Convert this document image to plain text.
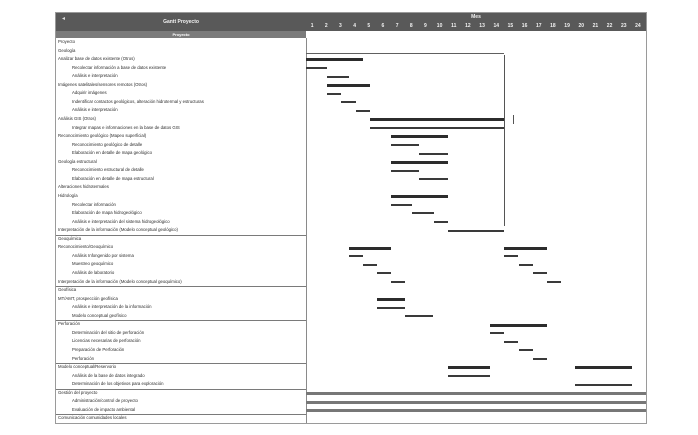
◂	Gantt Proyecto
Mes
1	2	3	4	5	6	7	8	9	10	11	12	13	14	15	16	17	18	19	20	21	22	23	24
Proyecto
Proyecto
Geología
Analizar base de datos existente (Otros)
Recolectar información a base de datos existente
Análisis e interpretación
Imágenes satelitales/sensores remotos (Otros)
Adquirir imágenes
Indentificar contactos geológicos, alteración hidrotermal y estructuras
Análisis e interpretación
Análisis GIS (Otros)
Integrar mapas e informaciones en la base de datos GIS
Reconocimiento geológico (Mapeo superficial)
Reconocimiento geológico de detalle
Elaboración en detalle de mapa geológico
Geología estructural
Reconocimiento estructural de detalle
Elaboración en detalle de mapa estructural
Alteraciones hidrotermales
Hidrología
Recolectar información
Elaboración de mapa hidrogeológico
Análisis e interpretación del sistema hidrogeológico
Interpretación de la información (Modelo conceptual geológico)
Geoquímica
Reconocimiento/Geoquímico
Análisis Infongenido por sistema
Muestreo geoquímico
Análisis de laboratorio
Interpretación de la información (Modelo conceptual geoquímico)
Geofísica
MT/AMT, prospección geofísica
Análisis e interpretación de la información
Modelo conceptual geofísico
Perforación
Determinación del sitio de perforación
Licencias necesarias de perforación
Preparación de Perforación
Perforación
Modelo conceptual/Reservorio
Análisis de la base de datos integrado
Determinación de los objetivos para exploración
Gestión del proyecto
Administración/control de proyecto
Evaluación de impacto ambiental
Comunicación comunidades locales
